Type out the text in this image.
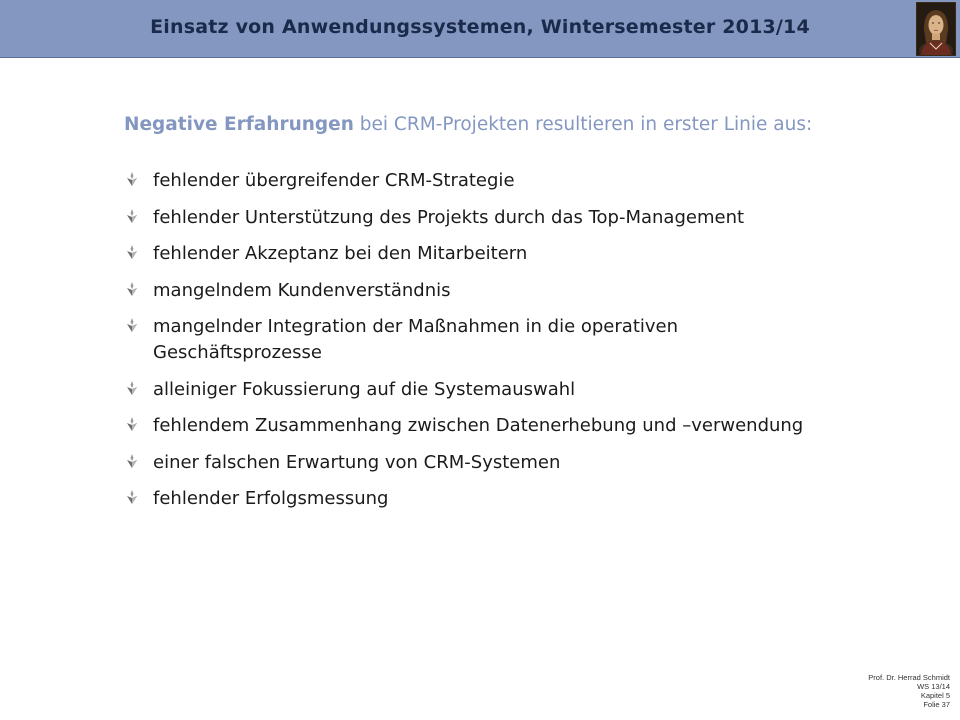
Einsatz von Anwendungssystemen, Wintersemester 2013/14
Negative Erfahrungen bei CRM-Projekten resultieren in erster Linie aus:
fehlender übergreifender CRM-Strategie
fehlender Unterstützung des Projekts durch das Top-Management
fehlender Akzeptanz bei den Mitarbeitern
mangelndem Kundenverständnis
mangelnder Integration der Maßnahmen in die operativen Geschäftsprozesse
alleiniger Fokussierung auf die Systemauswahl
fehlendem Zusammenhang zwischen Datenerhebung und –verwendung
einer falschen Erwartung von CRM-Systemen
fehlender Erfolgsmessung
Prof. Dr. Herrad Schmidt
WS 13/14
Kapitel 5
Folie 37
